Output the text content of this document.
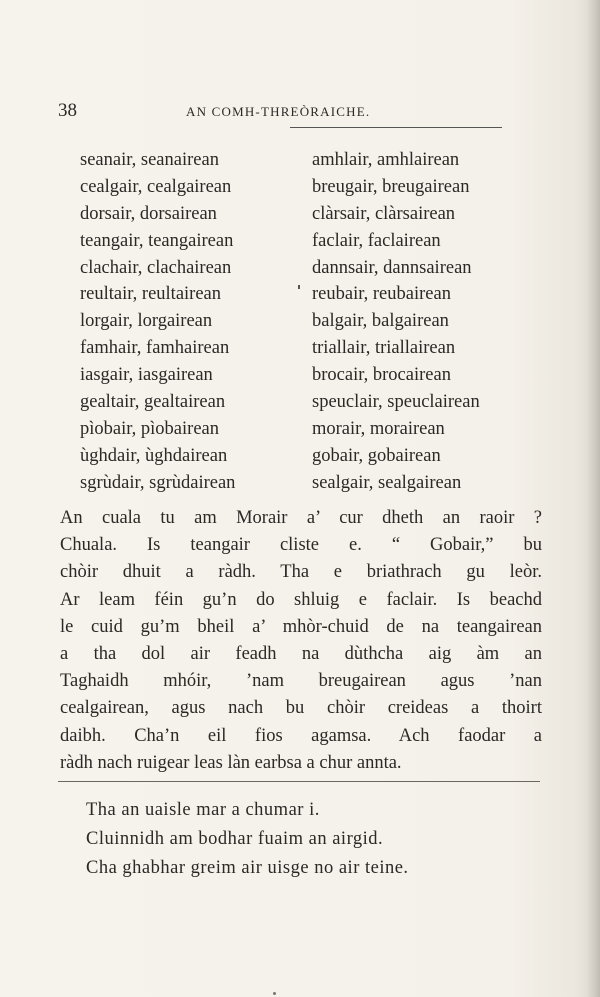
38	AN COMH-THREÒRAICHE.
seanair, seanairean	amhlair, amhlairean
cealgair, cealgairean	breugair, breugairean
dorsair, dorsairean	clàrsair, clàrsairean
teangair, teangairean	faclair, faclairean
clachair, clachairean	dannsair, dannsairean
reultair, reultairean	reubair, reubairean
lorgair, lorgairean	balgair, balgairean
famhair, famhairean	triallair, triallairean
iasgair, iasgairean	brocair, brocairean
gealtair, gealtairean	speuclair, speuclairean
pìobair, pìobairean	morair, morairean
ùghdair, ùghdairean	gobair, gobairean
sgrùdair, sgrùdairean	sealgair, sealgairean
An cuala tu am Morair a’ cur dheth an raoir ?
Chuala. Is teangair cliste e. “ Gobair,” bu
chòir dhuit a ràdh. Tha e briathrach gu leòr.
Ar leam féin gu’n do shluig e faclair. Is beachd
le cuid gu’m bheil a’ mhòr-chuid de na teangairean
a tha dol air feadh na dùthcha aig àm an
Taghaidh mhóir, ’nam breugairean agus ’nan
cealgairean, agus nach bu chòir creideas a thoirt
daibh. Cha’n eil fios agamsa. Ach faodar a
ràdh nach ruigear leas làn earbsa a chur annta.
Tha an uaisle mar a chumar i.
Cluinnidh am bodhar fuaim an airgid.
Cha ghabhar greim air uisge no air teine.
